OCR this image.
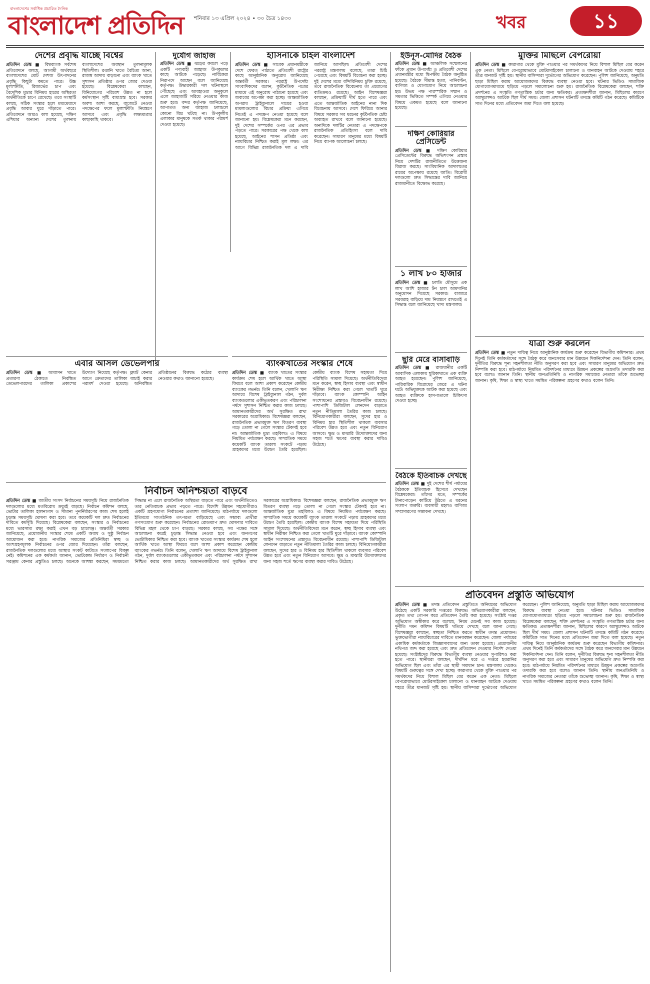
বাংলাদেশের সর্বাধিক প্রচারিত দৈনিক
বাংলাদেশ প্রতিদিন শনিবার ১৩ এপ্রিল ২০২৪ • ৩০ চৈত্র ১৪৩০	খবর	১১
দেশের প্রবৃদ্ধি যাচ্ছে বিশ্বের
প্রতিদিন ডেস্ক ■ বিশ্বব্যাংক সর্বশেষ প্রতিবেদনে বলছে, আগামী অর্থবছরে বাংলাদেশের মোট দেশজ উৎপাদনের প্রবৃদ্ধি কিছুটা কমতে পারে। উচ্চ মূল্যস্ফীতি, রিজার্ভের চাপ এবং বৈদেশিক মুদ্রার বিনিময় হারের অস্থিরতা অর্থনীতিকে চাপে রেখেছে। তবে সংস্থাটি বলছে, সঠিক সংস্কার হলে মধ্যমেয়াদে প্রবৃদ্ধি আবার ঘুরে দাঁড়াতে পারে। প্রতিবেদনে আরও বলা হয়েছে, দক্ষিণ এশিয়ার অন্যান্য দেশের তুলনায় বাংলাদেশের অবস্থান তুলনামূলক স্থিতিশীল। রপ্তানি খাতে বৈচিত্র্য আনা, রাজস্ব আদায় বাড়ানো এবং ব্যাংক খাতে সুশাসন প্রতিষ্ঠার ওপর জোর দেওয়া হয়েছে। বিশ্লেষকেরা বলছেন, বিনিয়োগের পরিবেশ উন্নত না হলে কর্মসংস্থান সৃষ্টি বাধাগ্রস্ত হবে। সরকার অবশ্য আশা করছে, বাজেটে নেওয়া পদক্ষেপের ফলে মূল্যস্ফীতি নিয়ন্ত্রণে আসবে এবং প্রবৃদ্ধি লক্ষ্যমাত্রার কাছাকাছি থাকবে।
এবার আসল ডেভেলপার
প্রতিদিন ডেস্ক ■ আবাসন খাতে প্রতারণা ঠেকাতে নিবন্ধিত ডেভেলপারদের তালিকা প্রকাশের উদ্যোগ নিয়েছে কর্তৃপক্ষ। ফ্ল্যাট কেনার আগে ক্রেতাদের তালিকা যাচাই করার পরামর্শ দেওয়া হয়েছে। অনিবন্ধিত প্রতিষ্ঠানের বিরুদ্ধে কঠোর ব্যবস্থা নেওয়ার কথাও জানানো হয়েছে।
নির্বাচন অনিশ্চয়তা বাড়বে
প্রতিদিন ডেস্ক ■ জাতীয় সংসদ নির্বাচনের সময়সূচি নিয়ে রাজনৈতিক দলগুলোর মধ্যে মতবিরোধ ক্রমেই বাড়ছে। নির্বাচন কমিশন বলছে, ভোটার তালিকা হালনাগাদ ও সীমানা পুনর্নির্ধারণের কাজ শেষ হলেই চূড়ান্ত সময়সূচি ঘোষণা করা হবে। তবে কয়েকটি দল দ্রুত নির্বাচনের দাবিতে কর্মসূচি দিয়েছে। বিশ্লেষকেরা বলছেন, সংস্কার ও নির্বাচনের মধ্যে ভারসাম্য রক্ষা করাই এখন বড় চ্যালেঞ্জ। অন্তর্বর্তী সরকার জানিয়েছে, প্রয়োজনীয় সংস্কার শেষে একটি অবাধ ও সুষ্ঠু নির্বাচন আয়োজন করা হবে। নাগরিক সমাজের প্রতিনিধিরা স্বচ্ছ ও অংশগ্রহণমূলক নির্বাচনের ওপর জোর দিয়েছেন। তাঁরা বলছেন, রাজনৈতিক দলগুলোর মধ্যে আস্থার সংকট কাটাতে সংলাপের বিকল্প নেই। কমিশনের এক কর্মকর্তা জানান, ভোটকেন্দ্র নির্ধারণ ও নির্বাচনী সরঞ্জাম কেনার প্রস্তুতিও চলছে। অনেকে আশঙ্কা করছেন, সময়মতো সিদ্ধান্ত না এলে রাজনৈতিক অস্থিরতা বাড়তে পারে এবং অর্থনীতিতেও তার নেতিবাচক প্রভাব পড়তে পারে। বিদেশি উন্নয়ন সহযোগীরাও একটি গ্রহণযোগ্য নির্বাচনের প্রত্যাশা জানিয়েছে। মাঠপর্যায়ে দলগুলো ইতিমধ্যে সাংগঠনিক তৎপরতা বাড়িয়েছে এবং সম্ভাব্য প্রার্থীরা গণসংযোগ শুরু করেছেন। নির্বাচনের রোডম্যাপ দ্রুত ঘোষণার দাবিতে বিভিন্ন মহল থেকে চাপ বাড়ছে। সরকার বলছে, সব পক্ষের সঙ্গে আলোচনা করেই চূড়ান্ত সিদ্ধান্ত নেওয়া হবে এবং জনগণের ভোটাধিকার নিশ্চিত করা হবে। ব্যাংক খাতের সংস্কার কার্যক্রম শেষ হলে আর্থিক খাতে আস্থা ফিরবে বলে আশা প্রকাশ করেছেন কেন্দ্রীয় ব্যাংকের গভর্নর। তিনি বলেন, খেলাপি ঋণ আদায়ে বিশেষ ট্রাইব্যুনাল গঠন, দুর্বল ব্যাংকগুলোর একীভূতকরণ এবং পরিচালনা পর্ষদে সুশাসন নিশ্চিত করার কাজ চলছে। আমানতকারীদের অর্থ সুরক্ষিত রাখা সরকারের অগ্রাধিকার। বিশেষজ্ঞরা বলছেন, রাজনৈতিক প্রভাবমুক্ত ঋণ বিতরণ ব্যবস্থা গড়ে তোলা না গেলে সংস্কার টেকসই হবে না। আন্তর্জাতিক মুদ্রা তহবিলও এ বিষয়ে নিয়মিত পর্যবেক্ষণ করছে। সাম্প্রতিক সময়ে কয়েকটি ব্যাংক তারল্য সংকটে পড়ায় গ্রাহকদের মধ্যে উদ্বেগ তৈরি হয়েছিল। কেন্দ্রীয় ব্যাংক বিশেষ সহায়তা দিয়ে পরিস্থিতি সামাল দিয়েছে। অর্থনীতিবিদেরা মনে করেন, স্বচ্ছ হিসাব ব্যবস্থা এবং স্বাধীন নিরীক্ষা নিশ্চিত করা গেলে খাতটি ঘুরে দাঁড়াবে। ব্যাংক কোম্পানি আইন সংশোধনের প্রস্তাবও বিবেচনাধীন রয়েছে। পাশাপাশি ডিজিটাল লেনদেন বাড়াতে নতুন নীতিমালা তৈরির কাজ চলছে। বিনিয়োগকারীরা বলছেন, সুদের হার ও বিনিময় হার স্থিতিশীল থাকলে ব্যবসার পরিবেশ উন্নত হবে এবং নতুন বিনিয়োগ আসবে। ক্ষুদ্র ও মাঝারি উদ্যোক্তাদের জন্য সহজ শর্তে ঋণের ব্যবস্থা করার দাবিও উঠেছে।
দুর্যোগ জাহাজ
প্রতিদিন ডেস্ক ■ ঝড়ের কবলে পড়ে একটি পণ্যবাহী জাহাজ উপকূলের কাছে আটকে পড়েছে। নাবিকেরা নিরাপদে আছেন বলে জানিয়েছে কর্তৃপক্ষ। উদ্ধারকারী দল ঘটনাস্থলে পৌঁছেছে এবং আবহাওয়া অনুকূলে এলে জাহাজটি সরিয়ে নেওয়ার কাজ শুরু হবে। বন্দর কর্তৃপক্ষ জানিয়েছে, আপাতত অন্য জাহাজ চলাচলে কোনো বিঘ্ন ঘটছে না। উপকূলীয় এলাকার মানুষকে সতর্ক থাকার পরামর্শ দেওয়া হয়েছে।
হাসিনাকে চাইল বাংলাদেশ
প্রতিদিন ডেস্ক ■ সাবেক প্রধানমন্ত্রীকে দেশে ফেরত পাঠাতে প্রতিবেশী রাষ্ট্রের কাছে আনুষ্ঠানিক অনুরোধ জানিয়েছে অন্তর্বর্তী সরকার। পররাষ্ট্র উপদেষ্টা সাংবাদিকদের বলেন, কূটনৈতিক পত্রের মাধ্যমে এই অনুরোধ পাঠানো হয়েছে এবং জবাবের অপেক্ষা করা হচ্ছে। আন্তর্জাতিক অপরাধ ট্রাইব্যুনালে দায়ের হওয়া মামলাগুলোর বিচার প্রক্রিয়া এগিয়ে নিতেই এ পদক্ষেপ নেওয়া হয়েছে বলে জানানো হয়। বিশ্লেষকেরা মনে করছেন, দুই দেশের সম্পর্কের ওপর এর প্রভাব পড়তে পারে। সরকারের পক্ষ থেকে বলা হয়েছে, আইনের শাসন প্রতিষ্ঠা এবং ন্যায়বিচার নিশ্চিত করাই মূল লক্ষ্য। এর আগে বিভিন্ন রাজনৈতিক দল এ দাবি জানিয়ে আসছিল। প্রতিবেশী দেশের পররাষ্ট্র মন্ত্রণালয় বলেছে, তারা চিঠি পেয়েছে এবং বিষয়টি বিবেচনা করা হচ্ছে। দুই দেশের মধ্যে বন্দিবিনিময় চুক্তি রয়েছে, তবে রাজনৈতিক বিবেচনায় তা প্রয়োগের ব্যতিক্রমও রয়েছে। আইন বিশেষজ্ঞরা বলছেন, প্রক্রিয়াটি দীর্ঘ হতে পারে এবং এতে আন্তর্জাতিক আইনের নানা দিক বিবেচনায় আসবে। দেশে ফিরিয়ে আনার বিষয়ে সরকার সব ধরনের কূটনৈতিক চেষ্টা অব্যাহত রাখবে বলে জানানো হয়েছে। অন্যদিকে দলটির নেতারা এ পদক্ষেপকে রাজনৈতিক প্রতিহিংসা বলে দাবি করেছেন। সাধারণ মানুষের মধ্যে বিষয়টি নিয়ে ব্যাপক আলোচনা চলছে।
ব্যাংকখাতের সংস্কার শেষে
প্রতিদিন ডেস্ক ■ ব্যাংক খাতের সংস্কার কার্যক্রম শেষ হলে আর্থিক খাতে আস্থা ফিরবে বলে আশা প্রকাশ করেছেন কেন্দ্রীয় ব্যাংকের গভর্নর। তিনি বলেন, খেলাপি ঋণ আদায়ে বিশেষ ট্রাইব্যুনাল গঠন, দুর্বল ব্যাংকগুলোর একীভূতকরণ এবং পরিচালনা পর্ষদে সুশাসন নিশ্চিত করার কাজ চলছে। আমানতকারীদের অর্থ সুরক্ষিত রাখা সরকারের অগ্রাধিকার। বিশেষজ্ঞরা বলছেন, রাজনৈতিক প্রভাবমুক্ত ঋণ বিতরণ ব্যবস্থা গড়ে তোলা না গেলে সংস্কার টেকসই হবে না। আন্তর্জাতিক মুদ্রা তহবিলও এ বিষয়ে নিয়মিত পর্যবেক্ষণ করছে। সাম্প্রতিক সময়ে কয়েকটি ব্যাংক তারল্য সংকটে পড়ায় গ্রাহকদের মধ্যে উদ্বেগ তৈরি হয়েছিল। কেন্দ্রীয় ব্যাংক বিশেষ সহায়তা দিয়ে পরিস্থিতি সামাল দিয়েছে। অর্থনীতিবিদেরা মনে করেন, স্বচ্ছ হিসাব ব্যবস্থা এবং স্বাধীন নিরীক্ষা নিশ্চিত করা গেলে খাতটি ঘুরে দাঁড়াবে। ব্যাংক কোম্পানি আইন সংশোধনের প্রস্তাবও বিবেচনাধীন রয়েছে। পাশাপাশি ডিজিটাল লেনদেন বাড়াতে নতুন নীতিমালা তৈরির কাজ চলছে। বিনিয়োগকারীরা বলছেন, সুদের হার ও বিনিময় হার স্থিতিশীল থাকলে ব্যবসার পরিবেশ উন্নত হবে এবং নতুন বিনিয়োগ আসবে। ক্ষুদ্র ও মাঝারি উদ্যোক্তাদের জন্য সহজ শর্তে ঋণের ব্যবস্থা করার দাবিও উঠেছে।
ইউনূস-মোদির বৈঠক
প্রতিদিন ডেস্ক ■ আঞ্চলিক সম্মেলনের ফাঁকে প্রধান উপদেষ্টা ও প্রতিবেশী দেশের প্রধানমন্ত্রীর মধ্যে দ্বিপক্ষীয় বৈঠক অনুষ্ঠিত হয়েছে। বৈঠকে সীমান্ত হত্যা, পানিবণ্টন, বাণিজ্য ও যোগাযোগ নিয়ে আলোচনা হয়। উভয় পক্ষ পারস্পরিক সম্মান ও সমতার ভিত্তিতে সম্পর্ক এগিয়ে নেওয়ার বিষয়ে একমত হয়েছে বলে জানানো হয়েছে।
দক্ষিণ কোরিয়ার প্রেসিডেন্ট
প্রতিদিন ডেস্ক ■ দক্ষিণ কোরিয়ার প্রেসিডেন্টের বিরুদ্ধে অভিশংসন প্রস্তাব নিয়ে দেশটির রাজনীতিতে উত্তেজনা বিরাজ করছে। সাংবিধানিক আদালতের রায়ের অপেক্ষায় রয়েছে জাতি। বিরোধী দলগুলো দ্রুত সিদ্ধান্তের দাবি জানিয়ে রাজধানীতে বিক্ষোভ করেছে।
১ লাখ ৮০ হাজার
প্রতিদিন ডেস্ক ■ চলতি মৌসুমে এক লাখ আশি হাজার টন চাল আমদানির অনুমোদন দিয়েছে সরকার। বাজারে সরবরাহ বাড়িয়ে দাম নিয়ন্ত্রণে রাখতেই এ সিদ্ধান্ত বলে জানিয়েছে খাদ্য মন্ত্রণালয়।
ছুরি মেরে বাসাবাড়ি
প্রতিদিন ডেস্ক ■ রাজধানীর একটি আবাসিক এলাকায় ছুরিকাঘাতে এক ব্যক্তি আহত হয়েছেন। পুলিশ জানিয়েছে, পারিবারিক বিরোধের জেরে এ ঘটনা ঘটে। অভিযুক্তকে আটক করা হয়েছে এবং আহত ব্যক্তিকে হাসপাতালে চিকিৎসা দেওয়া হচ্ছে।
বৈঠকে ইতিবাচক দেখছে
প্রতিদিন ডেস্ক ■ দুই দেশের শীর্ষ পর্যায়ের বৈঠককে ইতিবাচক হিসেবে দেখছেন বিশ্লেষকেরা। তাঁদের মতে, সম্পর্কের টানাপোড়েন কাটিয়ে উঠতে এ ধরনের সংলাপ জরুরি। ব্যবসায়ী মহলও বাণিজ্য সম্প্রসারণের সম্ভাবনা দেখছে।
মুক্তির মিছিলে বেপরোয়া
প্রতিদিন ডেস্ক ■ কারাগার থেকে মুক্তি পাওয়ার পর সমর্থকদের নিয়ে বিশাল মিছিল বের করেন এক নেতা। মিছিলে বেপরোয়াভাবে মোটরসাইকেল চালানো ও যানবাহন আটকে দেওয়ায় শহরে তীব্র যানজট সৃষ্টি হয়। স্থানীয় বাসিন্দারা দুর্ভোগের অভিযোগ করেছেন। পুলিশ জানিয়েছে, অনুমতি ছাড়া মিছিল করায় আয়োজকদের বিরুদ্ধে ব্যবস্থা নেওয়া হবে। ঘটনার ভিডিও সামাজিক যোগাযোগমাধ্যমে ছড়িয়ে পড়লে সমালোচনা শুরু হয়। রাজনৈতিক বিশ্লেষকেরা বলছেন, শক্তি প্রদর্শনের এ সংস্কৃতি গণতান্ত্রিক চর্চার জন্য ক্ষতিকর। প্রত্যক্ষদর্শীরা জানান, মিছিলের কারণে অ্যাম্বুলেন্সও আটকে ছিল দীর্ঘ সময়। জেলা প্রশাসন ঘটনাটি তদন্তে কমিটি গঠন করেছে। কমিটিকে সাত দিনের মধ্যে প্রতিবেদন জমা দিতে বলা হয়েছে।
যাত্রা শুরু করলেন
প্রতিদিন ডেস্ক ■ নতুন দায়িত্ব নিয়ে আনুষ্ঠানিক কার্যক্রম শুরু করেছেন বিভাগীয় কমিশনার। প্রথম দিনেই তিনি কর্মকর্তাদের সঙ্গে বৈঠক করে জনসেবার মান উন্নয়নে দিকনির্দেশনা দেন। তিনি বলেন, দুর্নীতির বিরুদ্ধে শূন্য সহনশীলতা নীতি অনুসরণ করা হবে এবং সাধারণ মানুষের অভিযোগ দ্রুত নিষ্পত্তি করা হবে। মাঠপর্যায়ে নিয়মিত পরিদর্শনের মাধ্যমে উন্নয়ন প্রকল্পের অগ্রগতি তদারকি করা হবে বলেও জানান তিনি। স্থানীয় জনপ্রতিনিধি ও নাগরিক সমাজের নেতারা তাঁকে শুভেচ্ছা জানান। কৃষি, শিক্ষা ও স্বাস্থ্য খাতে সমন্বিত পরিকল্পনা গ্রহণের কথাও বলেন তিনি।
প্রতিবেদন প্রস্তুতি অভিযোগ
প্রতিদিন ডেস্ক ■ তদন্ত প্রতিবেদন প্রস্তুতিতে অনিয়মের অভিযোগ উঠেছে একটি সরকারি দপ্তরের বিরুদ্ধে। অভিযোগকারীরা বলছেন, প্রকৃত তথ্য গোপন করে প্রতিবেদন তৈরি করা হয়েছে। সংশ্লিষ্ট দপ্তর অভিযোগ অস্বীকার করে বলেছে, নিয়ম মেনেই সব কাজ হয়েছে। দুর্নীতি দমন কমিশন বিষয়টি খতিয়ে দেখছে বলে জানা গেছে। বিশেষজ্ঞরা বলছেন, স্বচ্ছতা নিশ্চিত করতে স্বাধীন তদন্ত প্রয়োজন। ভুক্তভোগীরা ন্যায়বিচারের দাবিতে মানববন্ধন করেছেন। জেলা পর্যায়ের একাধিক কর্মকর্তাকে জিজ্ঞাসাবাদের জন্য ডাকা হয়েছে। প্রয়োজনীয় নথিপত্র জব্দ করা হয়েছে এবং দ্রুত প্রতিবেদন দেওয়ার নির্দেশ দেওয়া হয়েছে। সংশ্লিষ্টদের বিরুদ্ধে বিভাগীয় ব্যবস্থা নেওয়ার সুপারিশও করা হতে পারে। স্থানীয়রা বলছেন, দীর্ঘদিন ধরে এ দপ্তরে হয়রানির অভিযোগ ছিল এবং তাঁরা এর স্থায়ী সমাধান চান। মন্ত্রণালয় থেকেও বিষয়টি গুরুত্বের সঙ্গে দেখা হচ্ছে। কারাগার থেকে মুক্তি পাওয়ার পর সমর্থকদের নিয়ে বিশাল মিছিল বের করেন এক নেতা। মিছিলে বেপরোয়াভাবে মোটরসাইকেল চালানো ও যানবাহন আটকে দেওয়ায় শহরে তীব্র যানজট সৃষ্টি হয়। স্থানীয় বাসিন্দারা দুর্ভোগের অভিযোগ করেছেন। পুলিশ জানিয়েছে, অনুমতি ছাড়া মিছিল করায় আয়োজকদের বিরুদ্ধে ব্যবস্থা নেওয়া হবে। ঘটনার ভিডিও সামাজিক যোগাযোগমাধ্যমে ছড়িয়ে পড়লে সমালোচনা শুরু হয়। রাজনৈতিক বিশ্লেষকেরা বলছেন, শক্তি প্রদর্শনের এ সংস্কৃতি গণতান্ত্রিক চর্চার জন্য ক্ষতিকর। প্রত্যক্ষদর্শীরা জানান, মিছিলের কারণে অ্যাম্বুলেন্সও আটকে ছিল দীর্ঘ সময়। জেলা প্রশাসন ঘটনাটি তদন্তে কমিটি গঠন করেছে। কমিটিকে সাত দিনের মধ্যে প্রতিবেদন জমা দিতে বলা হয়েছে। নতুন দায়িত্ব নিয়ে আনুষ্ঠানিক কার্যক্রম শুরু করেছেন বিভাগীয় কমিশনার। প্রথম দিনেই তিনি কর্মকর্তাদের সঙ্গে বৈঠক করে জনসেবার মান উন্নয়নে দিকনির্দেশনা দেন। তিনি বলেন, দুর্নীতির বিরুদ্ধে শূন্য সহনশীলতা নীতি অনুসরণ করা হবে এবং সাধারণ মানুষের অভিযোগ দ্রুত নিষ্পত্তি করা হবে। মাঠপর্যায়ে নিয়মিত পরিদর্শনের মাধ্যমে উন্নয়ন প্রকল্পের অগ্রগতি তদারকি করা হবে বলেও জানান তিনি। স্থানীয় জনপ্রতিনিধি ও নাগরিক সমাজের নেতারা তাঁকে শুভেচ্ছা জানান। কৃষি, শিক্ষা ও স্বাস্থ্য খাতে সমন্বিত পরিকল্পনা গ্রহণের কথাও বলেন তিনি।
